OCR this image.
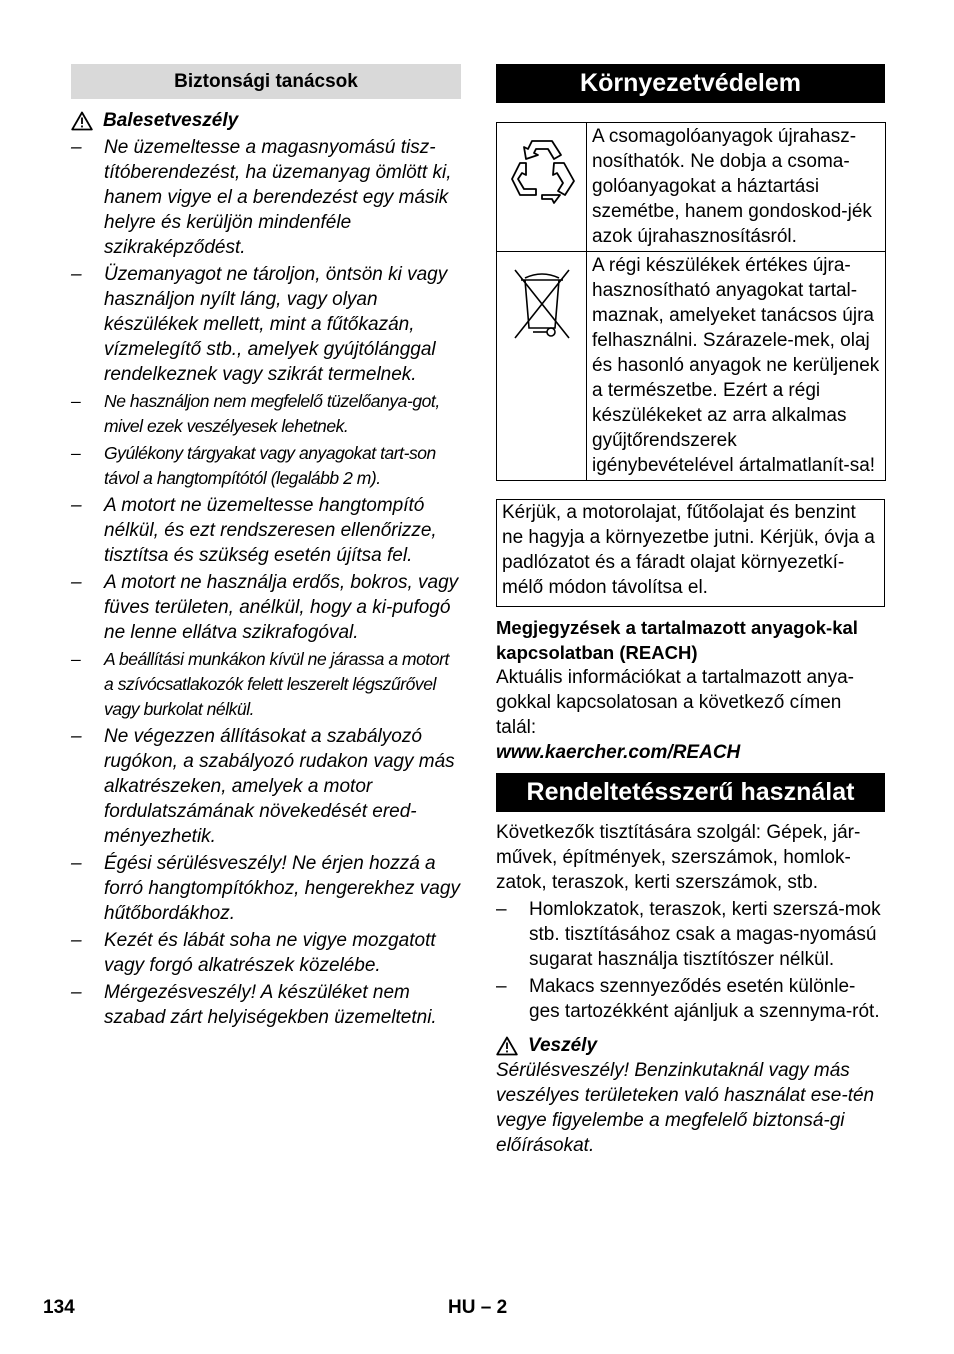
Biztonsági tanácsok
Balesetveszély
– Ne üzemeltesse a magasnyomású tisz-títóberendezést, ha üzemanyag ömlött ki, hanem vigye el a berendezést egy másik helyre és kerüljön mindenféle szikraképződést.
– Üzemanyagot ne tároljon, öntsön ki vagy használjon nyílt láng, vagy olyan készülékek mellett, mint a fűtőkazán, vízmelegítő stb., amelyek gyújtólánggal rendelkeznek vagy szikrát termelnek.
– Ne használjon nem megfelelő tüzelőanya-got, mivel ezek veszélyesek lehetnek.
– Gyúlékony tárgyakat vagy anyagokat tart-son távol a hangtompítótól (legalább 2 m).
– A motort ne üzemeltesse hangtompító nélkül, és ezt rendszeresen ellenőrizze, tisztítsa és szükség esetén újítsa fel.
– A motort ne használja erdős, bokros, vagy füves területen, anélkül, hogy a ki-pufogó ne lenne ellátva szikrafogóval.
– A beállítási munkákon kívül ne járassa a motort a szívócsatlakozók felett leszerelt légszűrővel vagy burkolat nélkül.
– Ne végezzen állításokat a szabályozó rugókon, a szabályozó rudakon vagy más alkatrészeken, amelyek a motor fordulatszámának növekedését ered-ményezhetik.
– Égési sérülésveszély! Ne érjen hozzá a forró hangtompítókhoz, hengerekhez vagy hűtőbordákhoz.
– Kezét és lábát soha ne vigye mozgatott vagy forgó alkatrészek közelébe.
– Mérgezésveszély! A készüléket nem szabad zárt helyiségekben üzemeltetni.
Környezetvédelem
	A csomagolóanyagok újrahasz-nosíthatók. Ne dobja a csoma-golóanyagokat a háztartási szemétbe, hanem gondoskod-jék azok újrahasznosításról.

	A régi készülékek értékes újra-hasznosítható anyagokat tartal-maznak, amelyeket tanácsos újra felhasználni. Szárazele-mek, olaj és hasonló anyagok ne kerüljenek a természetbe. Ezért a régi készülékeket az arra alkalmas gyűjtőrendszerek igénybevételével ártalmatlanít-sa!
Kérjük, a motorolajat, fűtőolajat és benzint ne hagyja a környezetbe jutni. Kérjük, óvja a padlózatot és a fáradt olajat környezetkí-mélő módon távolítsa el.
Megjegyzések a tartalmazott anyagok-kal kapcsolatban (REACH)

Aktuális információkat a tartalmazott anya-gokkal kapcsolatosan a következő címen talál:

www.kaercher.com/REACH

Rendeltetésszerű használat

Következők tisztítására szolgál: Gépek, jár-művek, építmények, szerszámok, homlok-zatok, teraszok, kerti szerszámok, stb.

– Homlokzatok, teraszok, kerti szerszá-mok stb. tisztításához csak a magas-nyomású sugarat használja tisztítószer nélkül.
– Makacs szennyeződés esetén különle-ges tartozékként ajánljuk a szennyma-rót.
Veszély

Sérülésveszély! Benzinkutaknál vagy más veszélyes területeken való használat ese-tén vegye figyelembe a megfelelő biztonsá-gi előírásokat.

134	HU – 2
